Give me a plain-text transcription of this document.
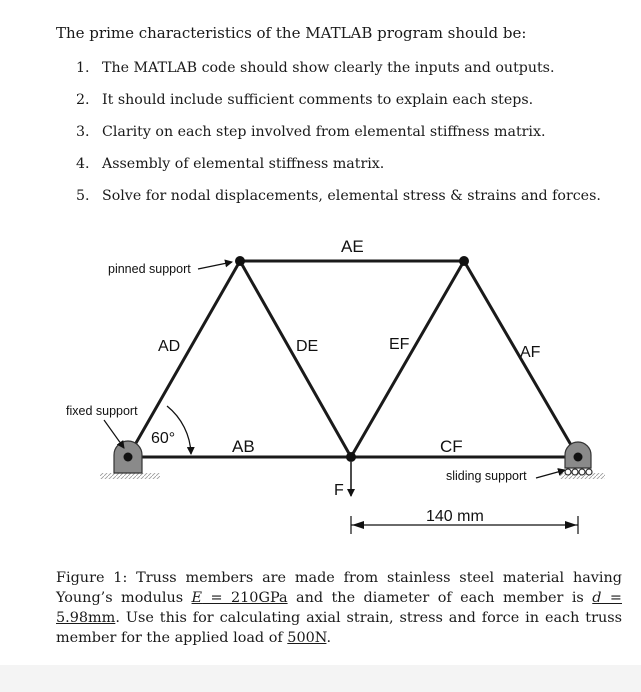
The prime characteristics of the MATLAB program should be:

1. The MATLAB code should show clearly the inputs and outputs.
2. It should include sufficient comments to explain each steps.
3. Clarity on each step involved from elemental stiffness matrix.
4. Assembly of elemental stiffness matrix.
5. Solve for nodal displacements, elemental stress & strains and forces.
AE
AD	DE	EF	AF
AB	CF
F
60°
140 mm
pinned support
fixed support
sliding support

Figure 1: Truss members are made from stainless steel material having Young’s modulus E = 210GPa and the diameter of each member is d = 5.98mm. Use this for calculating axial strain, stress and force in each truss member for the applied load of 500N.
